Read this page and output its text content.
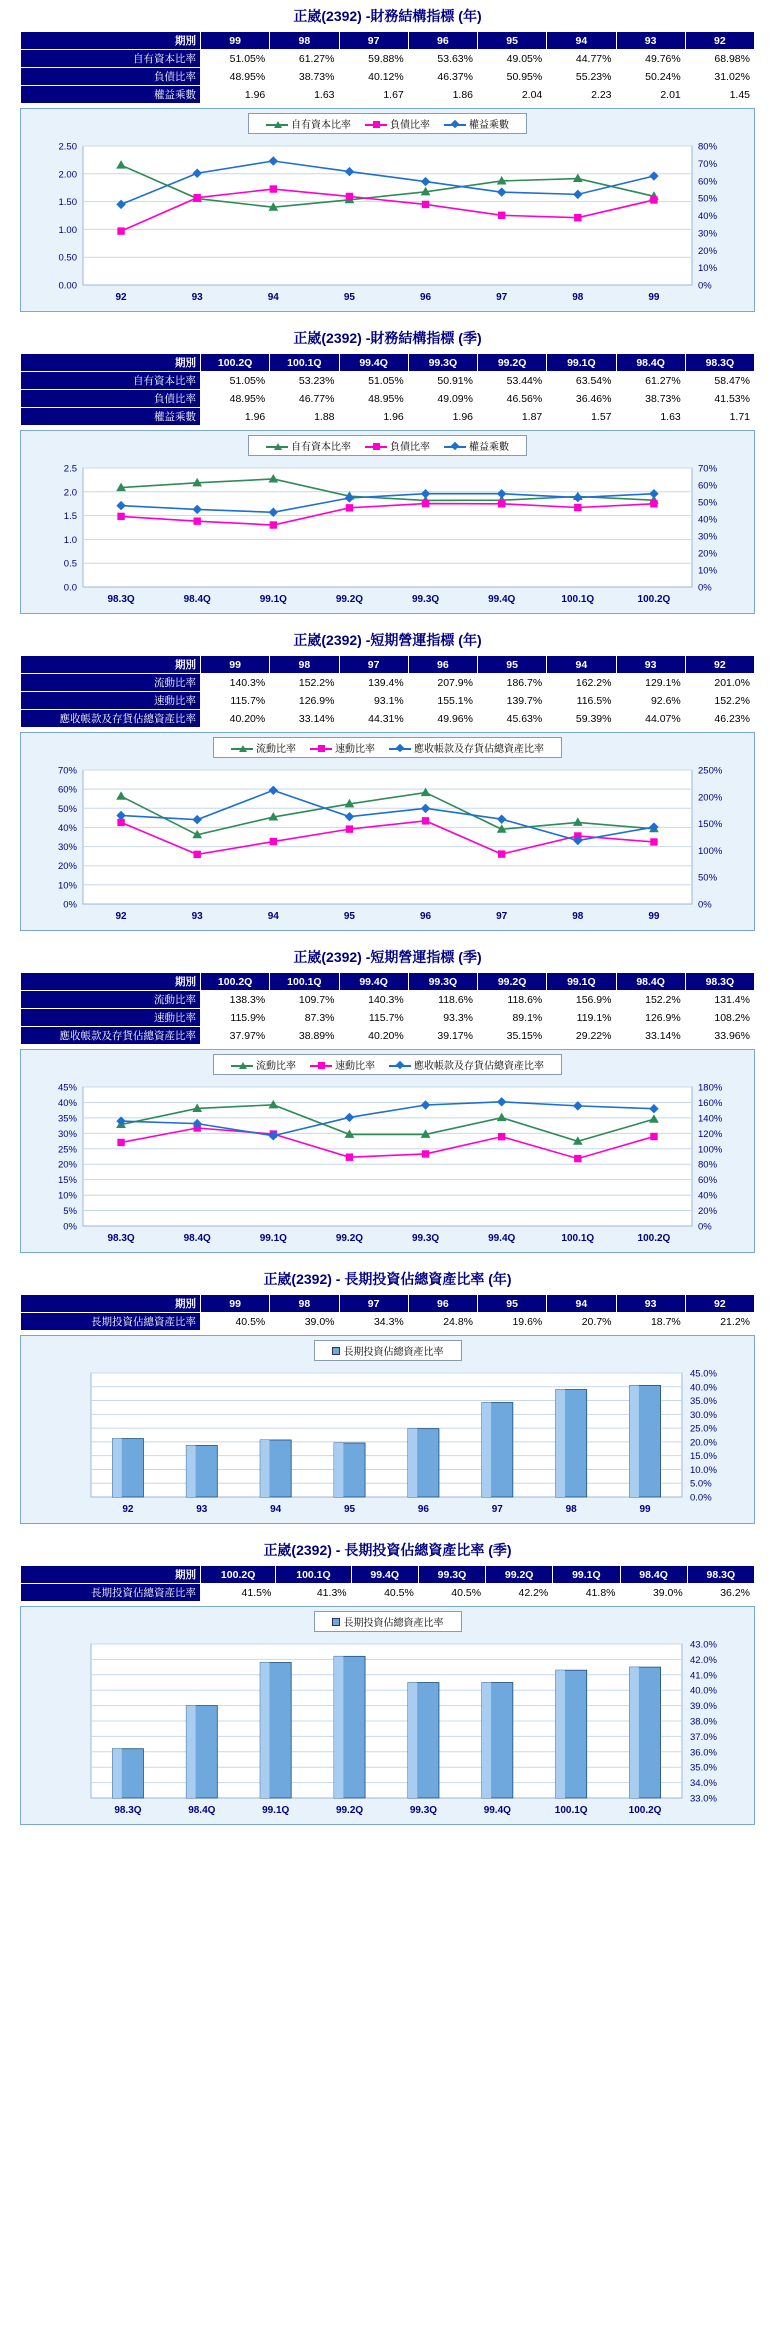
正崴(2392) -財務結構指標 (年)
期別	99	98	97	96	95	94	93	92
自有資本比率	51.05%	61.27%	59.88%	53.63%	49.05%	44.77%	49.76%	68.98%
負債比率	48.95%	38.73%	40.12%	46.37%	50.95%	55.23%	50.24%	31.02%
權益乘數	1.96	1.63	1.67	1.86	2.04	2.23	2.01	1.45
自有資本比率	負債比率	權益乘數
0.00
0.50
1.00
1.50
2.00
2.50
0%
10%
20%
30%
40%
50%
60%
70%
80%
92	93	94	95	96	97	98	99
正崴(2392) -財務結構指標 (季)
期別	100.2Q	100.1Q	99.4Q	99.3Q	99.2Q	99.1Q	98.4Q	98.3Q
自有資本比率	51.05%	53.23%	51.05%	50.91%	53.44%	63.54%	61.27%	58.47%
負債比率	48.95%	46.77%	48.95%	49.09%	46.56%	36.46%	38.73%	41.53%
權益乘數	1.96	1.88	1.96	1.96	1.87	1.57	1.63	1.71
自有資本比率	負債比率	權益乘數
0.0
0.5
1.0
1.5
2.0
2.5
0%
10%
20%
30%
40%
50%
60%
70%
98.3Q	98.4Q	99.1Q	99.2Q	99.3Q	99.4Q	100.1Q	100.2Q
正崴(2392) -短期營運指標 (年)
期別	99	98	97	96	95	94	93	92
流動比率	140.3%	152.2%	139.4%	207.9%	186.7%	162.2%	129.1%	201.0%
速動比率	115.7%	126.9%	93.1%	155.1%	139.7%	116.5%	92.6%	152.2%
應收帳款及存貨佔總資產比率	40.20%	33.14%	44.31%	49.96%	45.63%	59.39%	44.07%	46.23%
流動比率	速動比率	應收帳款及存貨佔總資產比率
0%
10%
20%
30%
40%
50%
60%
70%
0%
50%
100%
150%
200%
250%
92	93	94	95	96	97	98	99
正崴(2392) -短期營運指標 (季)
期別	100.2Q	100.1Q	99.4Q	99.3Q	99.2Q	99.1Q	98.4Q	98.3Q
流動比率	138.3%	109.7%	140.3%	118.6%	118.6%	156.9%	152.2%	131.4%
速動比率	115.9%	87.3%	115.7%	93.3%	89.1%	119.1%	126.9%	108.2%
應收帳款及存貨佔總資產比率	37.97%	38.89%	40.20%	39.17%	35.15%	29.22%	33.14%	33.96%
流動比率	速動比率	應收帳款及存貨佔總資產比率
0%
5%
10%
15%
20%
25%
30%
35%
40%
45%
0%
20%
40%
60%
80%
100%
120%
140%
160%
180%
98.3Q	98.4Q	99.1Q	99.2Q	99.3Q	99.4Q	100.1Q	100.2Q
正崴(2392) - 長期投資佔總資產比率 (年)
期別	99	98	97	96	95	94	93	92
長期投資佔總資產比率	40.5%	39.0%	34.3%	24.8%	19.6%	20.7%	18.7%	21.2%
長期投資佔總資產比率
0.0%
5.0%
10.0%
15.0%
20.0%
25.0%
30.0%
35.0%
40.0%
45.0%
92	93	94	95	96	97	98	99
正崴(2392) - 長期投資佔總資產比率 (季)
期別	100.2Q	100.1Q	99.4Q	99.3Q	99.2Q	99.1Q	98.4Q	98.3Q
長期投資佔總資產比率	41.5%	41.3%	40.5%	40.5%	42.2%	41.8%	39.0%	36.2%
長期投資佔總資產比率
33.0%
34.0%
35.0%
36.0%
37.0%
38.0%
39.0%
40.0%
41.0%
42.0%
43.0%
98.3Q	98.4Q	99.1Q	99.2Q	99.3Q	99.4Q	100.1Q	100.2Q
